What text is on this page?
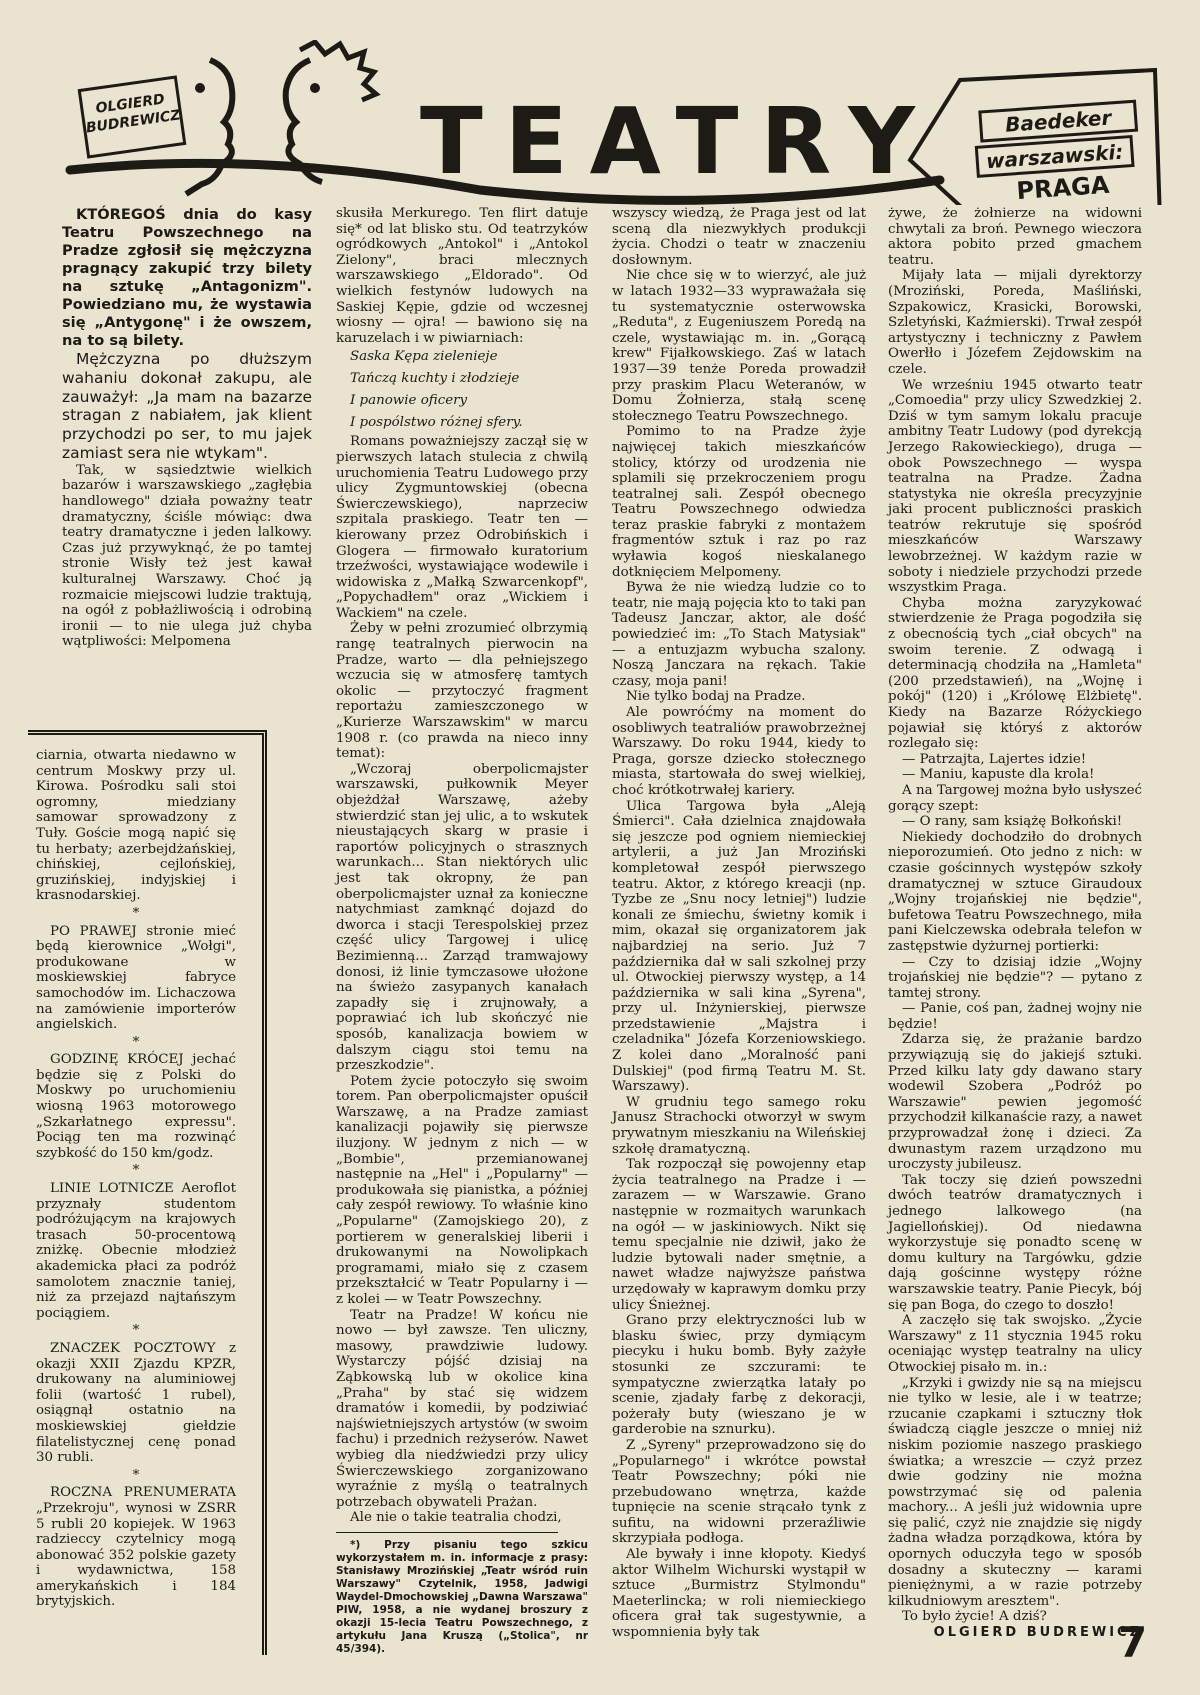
OLGIERD BUDREWICZ	TEATRY	Baedeker
warszawski:
PRAGA

KTÓREGOŚ dnia do kasy Teatru Powszechnego na Pradze zgłosił się mężczyzna pragnący zakupić trzy bilety na sztukę „Antagonizm". Powiedziano mu, że wystawia się „Antygonę" i że owszem, na to są bilety.

Mężczyzna po dłuższym wahaniu dokonał zakupu, ale zauważył: „Ja mam na bazarze stragan z nabiałem, jak klient przychodzi po ser, to mu jajek zamiast sera nie wtykam".

Tak, w sąsiedztwie wielkich bazarów i warszawskiego „zagłębia handlowego" działa poważny teatr dramatyczny, ściśle mówiąc: dwa teatry dramatyczne i jeden lalkowy. Czas już przywyknąć, że po tamtej stronie Wisły też jest kawał kulturalnej Warszawy. Choć ją rozmaicie miejscowi ludzie traktują, na ogół z pobłażliwością i odrobiną ironii — to nie ulega już chyba wątpliwości: Melpomena

ciarnia, otwarta niedawno w centrum Moskwy przy ul. Kirowa. Pośrodku sali stoi ogromny, miedziany samowar sprowadzony z Tuły. Goście mogą napić się tu herbaty; azerbejdżańskiej, chińskiej, cejlońskiej, gruzińskiej, indyjskiej i krasnodarskiej.

*

PO PRAWEJ stronie mieć będą kierownice „Wołgi", produkowane w moskiewskiej fabryce samochodów im. Lichaczowa na zamówienie importerów angielskich.

*

GODZINĘ KRÓCEJ jechać będzie się z Polski do Moskwy po uruchomieniu wiosną 1963 motorowego „Szkarłatnego expressu". Pociąg ten ma rozwinąć szybkość do 150 km/godz.

*

LINIE LOTNICZE Aeroflot przyznały studentom podróżującym na krajowych trasach 50-procentową zniżkę. Obecnie młodzież akademicka płaci za podróż samolotem znacznie taniej, niż za przejazd najtańszym pociągiem.

*

ZNACZEK POCZTOWY z okazji XXII Zjazdu KPZR, drukowany na aluminiowej folii (wartość 1 rubel), osiągnął ostatnio na moskiewskiej giełdzie filatelistycznej cenę ponad 30 rubli.

*

ROCZNA PRENUMERATA „Przekroju", wynosi w ZSRR 5 rubli 20 kopiejek. W 1963 radzieccy czytelnicy mogą abonować 352 polskie gazety i wydawnictwa, 158 amerykańskich i 184 brytyjskich.

skusiła Merkurego. Ten flirt datuje się* od lat blisko stu. Od teatrzyków ogródkowych „Antokol" i „Antokol Zielony", braci mlecznych warszawskiego „Eldorado". Od wielkich festynów ludowych na Saskiej Kępie, gdzie od wczesnej wiosny — ojra! — bawiono się na karuzelach i w piwiarniach:

Saska Kępa zielenieje

Tańczą kuchty i złodzieje

I panowie oficery

I pospólstwo różnej sfery.

Romans poważniejszy zaczął się w pierwszych latach stulecia z chwilą uruchomienia Teatru Ludowego przy ulicy Zygmuntowskiej (obecna Świerczewskiego), naprzeciw szpitala praskiego. Teatr ten — kierowany przez Odrobińskich i Glogera — firmowało kuratorium trzeźwości, wystawiające wodewile i widowiska z „Małką Szwarcenkopf", „Popychadłem" oraz „Wickiem i Wackiem" na czele.

Żeby w pełni zrozumieć olbrzymią rangę teatralnych pierwocin na Pradze, warto — dla pełniejszego wczucia się w atmosferę tamtych okolic — przytoczyć fragment reportażu zamieszczonego w „Kurierze Warszawskim" w marcu 1908 r. (co prawda na nieco inny temat):

„Wczoraj oberpolicmajster warszawski, pułkownik Meyer objeżdżał Warszawę, ażeby stwierdzić stan jej ulic, a to wskutek nieustających skarg w prasie i raportów policyjnych o strasznych warunkach... Stan niektórych ulic jest tak okropny, że pan oberpolicmajster uznał za konieczne natychmiast zamknąć dojazd do dworca i stacji Terespolskiej przez część ulicy Targowej i ulicę Bezimienną... Zarząd tramwajowy donosi, iż linie tymczasowe ułożone na świeżo zasypanych kanałach zapadły się i zrujnowały, a poprawiać ich lub skończyć nie sposób, kanalizacja bowiem w dalszym ciągu stoi temu na przeszkodzie".

Potem życie potoczyło się swoim torem. Pan oberpolicmajster opuścił Warszawę, a na Pradze zamiast kanalizacji pojawiły się pierwsze iluzjony. W jednym z nich — w „Bombie", przemianowanej następnie na „Hel" i „Popularny" — produkowała się pianistka, a później cały zespół rewiowy. To właśnie kino „Popularne" (Zamojskiego 20), z portierem w generalskiej liberii i drukowanymi na Nowolipkach programami, miało się z czasem przekształcić w Teatr Popularny i — z kolei — w Teatr Powszechny.

Teatr na Pradze! W końcu nie nowo — był zawsze. Ten uliczny, masowy, prawdziwie ludowy. Wystarczy pójść dzisiaj na Ząbkowską lub w okolice kina „Praha" by stać się widzem dramatów i komedii, by podziwiać najświetniejszych artystów (w swoim fachu) i przednich reżyserów. Nawet wybieg dla niedźwiedzi przy ulicy Świerczewskiego zorganizowano wyraźnie z myślą o teatralnych potrzebach obywateli Prażan.

Ale nie o takie teatralia chodzi,

*) Przy pisaniu tego szkicu wykorzystałem m. in. informacje z prasy: Stanisławy Mrozińskiej „Teatr wśród ruin Warszawy" Czytelnik, 1958, Jadwigi Waydel-Dmochowskiej „Dawna Warszawa" PIW, 1958, a nie wydanej broszury z okazji 15-lecia Teatru Powszechnego, z artykułu Jana Kruszą („Stolica", nr 45/394).

wszyscy wiedzą, że Praga jest od lat sceną dla niezwykłych produkcji życia. Chodzi o teatr w znaczeniu dosłownym.

Nie chce się w to wierzyć, ale już w latach 1932—33 wypraważała się tu systematycznie osterwowska „Reduta", z Eugeniuszem Poredą na czele, wystawiając m. in. „Gorącą krew" Fijałkowskiego. Zaś w latach 1937—39 tenże Poreda prowadził przy praskim Placu Weteranów, w Domu Żołnierza, stałą scenę stołecznego Teatru Powszechnego.

Pomimo to na Pradze żyje najwięcej takich mieszkańców stolicy, którzy od urodzenia nie splamili się przekroczeniem progu teatralnej sali. Zespół obecnego Teatru Powszechnego odwiedza teraz praskie fabryki z montażem fragmentów sztuk i raz po raz wyławia kogoś nieskalanego dotknięciem Melpomeny.

Bywa że nie wiedzą ludzie co to teatr, nie mają pojęcia kto to taki pan Tadeusz Janczar, aktor, ale dość powiedzieć im: „To Stach Matysiak" — a entuzjazm wybucha szalony. Noszą Janczara na rękach. Takie czasy, moja pani!

Nie tylko bodaj na Pradze.

Ale powróćmy na moment do osobliwych teatraliów prawobrzeżnej Warszawy. Do roku 1944, kiedy to Praga, gorsze dziecko stołecznego miasta, startowała do swej wielkiej, choć krótkotrwałej kariery.

Ulica Targowa była „Aleją Śmierci". Cała dzielnica znajdowała się jeszcze pod ogniem niemieckiej artylerii, a już Jan Mroziński kompletował zespół pierwszego teatru. Aktor, z którego kreacji (np. Tyzbe ze „Snu nocy letniej") ludzie konali ze śmiechu, świetny komik i mim, okazał się organizatorem jak najbardziej na serio. Już 7 października dał w sali szkolnej przy ul. Otwockiej pierwszy występ, a 14 października w sali kina „Syrena", przy ul. Inżynierskiej, pierwsze przedstawienie „Majstra i czeladnika" Józefa Korzeniowskiego. Z kolei dano „Moralność pani Dulskiej" (pod firmą Teatru M. St. Warszawy).

W grudniu tego samego roku Janusz Strachocki otworzył w swym prywatnym mieszkaniu na Wileńskiej szkołę dramatyczną.

Tak rozpoczął się powojenny etap życia teatralnego na Pradze i — zarazem — w Warszawie. Grano następnie w rozmaitych warunkach na ogół — w jaskiniowych. Nikt się temu specjalnie nie dziwił, jako że ludzie bytowali nader smętnie, a nawet władze najwyższe państwa urzędowały w kaprawym domku przy ulicy Śnieżnej.

Grano przy elektryczności lub w blasku świec, przy dymiącym piecyku i huku bomb. Były zażyłe stosunki ze szczurami: te sympatyczne zwierzątka latały po scenie, zjadały farbę z dekoracji, pożerały buty (wieszano je w garderobie na sznurku).

Z „Syreny" przeprowadzono się do „Popularnego" i wkrótce powstał Teatr Powszechny; póki nie przebudowano wnętrza, każde tupnięcie na scenie strącało tynk z sufitu, na widowni przeraźliwie skrzypiała podłoga.

Ale bywały i inne kłopoty. Kiedyś aktor Wilhelm Wichurski wystąpił w sztuce „Burmistrz Stylmondu" Maeterlincka; w roli niemieckiego oficera grał tak sugestywnie, a wspomnienia były tak

żywe, że żołnierze na widowni chwytali za broń. Pewnego wieczora aktora pobito przed gmachem teatru.

Mijały lata — mijali dyrektorzy (Mroziński, Poreda, Maśliński, Szpakowicz, Krasicki, Borowski, Szletyński, Kaźmierski). Trwał zespół artystyczny i techniczny z Pawłem Owerłło i Józefem Zejdowskim na czele.

We wrześniu 1945 otwarto teatr „Comoedia" przy ulicy Szwedzkiej 2. Dziś w tym samym lokalu pracuje ambitny Teatr Ludowy (pod dyrekcją Jerzego Rakowieckiego), druga — obok Powszechnego — wyspa teatralna na Pradze. Żadna statystyka nie określa precyzyjnie jaki procent publiczności praskich teatrów rekrutuje się spośród mieszkańców Warszawy lewobrzeżnej. W każdym razie w soboty i niedziele przychodzi przede wszystkim Praga.

Chyba można zaryzykować stwierdzenie że Praga pogodziła się z obecnością tych „ciał obcych" na swoim terenie. Z odwagą i determinacją chodziła na „Hamleta" (200 przedstawień), na „Wojnę i pokój" (120) i „Królowę Elżbietę". Kiedy na Bazarze Różyckiego pojawiał się któryś z aktorów rozlegało się:

— Patrzajta, Lajertes idzie!

— Maniu, kapuste dla krola!

A na Targowej można było usłyszeć gorący szept:

— O rany, sam książę Bołkoński!

Niekiedy dochodziło do drobnych nieporozumień. Oto jedno z nich: w czasie gościnnych występów szkoły dramatycznej w sztuce Giraudoux „Wojny trojańskiej nie będzie", bufetowa Teatru Powszechnego, miła pani Kielczewska odebrała telefon w zastępstwie dyżurnej portierki:

— Czy to dzisiaj idzie „Wojny trojańskiej nie będzie"? — pytano z tamtej strony.

— Panie, coś pan, żadnej wojny nie będzie!

Zdarza się, że prażanie bardzo przywiązują się do jakiejś sztuki. Przed kilku laty gdy dawano stary wodewil Szobera „Podróż po Warszawie" pewien jegomość przychodził kilkanaście razy, a nawet przyprowadzał żonę i dzieci. Za dwunastym razem urządzono mu uroczysty jubileusz.

Tak toczy się dzień powszedni dwóch teatrów dramatycznych i jednego lalkowego (na Jagiellońskiej). Od niedawna wykorzystuje się ponadto scenę w domu kultury na Targówku, gdzie dają gościnne występy różne warszawskie teatry. Panie Piecyk, bój się pan Boga, do czego to doszło!

A zaczęło się tak swojsko. „Życie Warszawy" z 11 stycznia 1945 roku oceniając występ teatralny na ulicy Otwockiej pisało m. in.:

„Krzyki i gwizdy nie są na miejscu nie tylko w lesie, ale i w teatrze; rzucanie czapkami i sztuczny tłok świadczą ciągle jeszcze o mniej niż niskim poziomie naszego praskiego światka; a wreszcie — czyż przez dwie godziny nie można powstrzymać się od palenia machory... A jeśli już widownia upre się palić, czyż nie znajdzie się nigdy żadna władza porządkowa, która by opornych oduczyła tego w sposób dosadny a skuteczny — karami pieniężnymi, a w razie potrzeby kilkudniowym aresztem".

To było życie! A dziś?

OLGIERD BUDREWICZ

7
